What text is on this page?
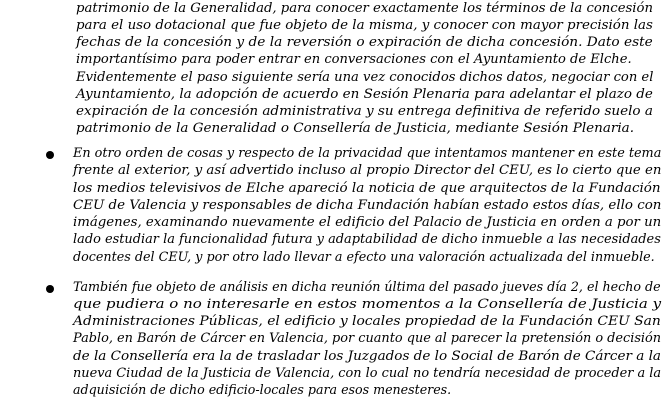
patrimonio de la Generalidad, para conocer exactamente los términos de la concesión
para el uso dotacional que fue objeto de la misma, y conocer con mayor precisión las
fechas de la concesión y de la reversión o expiración de dicha concesión. Dato este
importantísimo para poder entrar en conversaciones con el Ayuntamiento de Elche.
Evidentemente el paso siguiente sería una vez conocidos dichos datos, negociar con el
Ayuntamiento, la adopción de acuerdo en Sesión Plenaria para adelantar el plazo de
expiración de la concesión administrativa y su entrega definitiva de referido suelo a
patrimonio de la Generalidad o Consellería de Justicia, mediante Sesión Plenaria.
En otro orden de cosas y respecto de la privacidad que intentamos mantener en este tema
frente al exterior, y así advertido incluso al propio Director del CEU, es lo cierto que en
los medios televisivos de Elche apareció la noticia de que arquitectos de la Fundación
CEU de Valencia y responsables de dicha Fundación habían estado estos días, ello con
imágenes, examinando nuevamente el edificio del Palacio de Justicia en orden a por un
lado estudiar la funcionalidad futura y adaptabilidad de dicho inmueble a las necesidades
docentes del CEU, y por otro lado llevar a efecto una valoración actualizada del inmueble.
También fue objeto de análisis en dicha reunión última del pasado jueves día 2, el hecho de
que pudiera o no interesarle en estos momentos a la Consellería de Justicia y
Administraciones Públicas, el edificio y locales propiedad de la Fundación CEU San
Pablo, en Barón de Cárcer en Valencia, por cuanto que al parecer la pretensión o decisión
de la Consellería era la de trasladar los Juzgados de lo Social de Barón de Cárcer a la
nueva Ciudad de la Justicia de Valencia, con lo cual no tendría necesidad de proceder a la
adquisición de dicho edificio-locales para esos menesteres.
